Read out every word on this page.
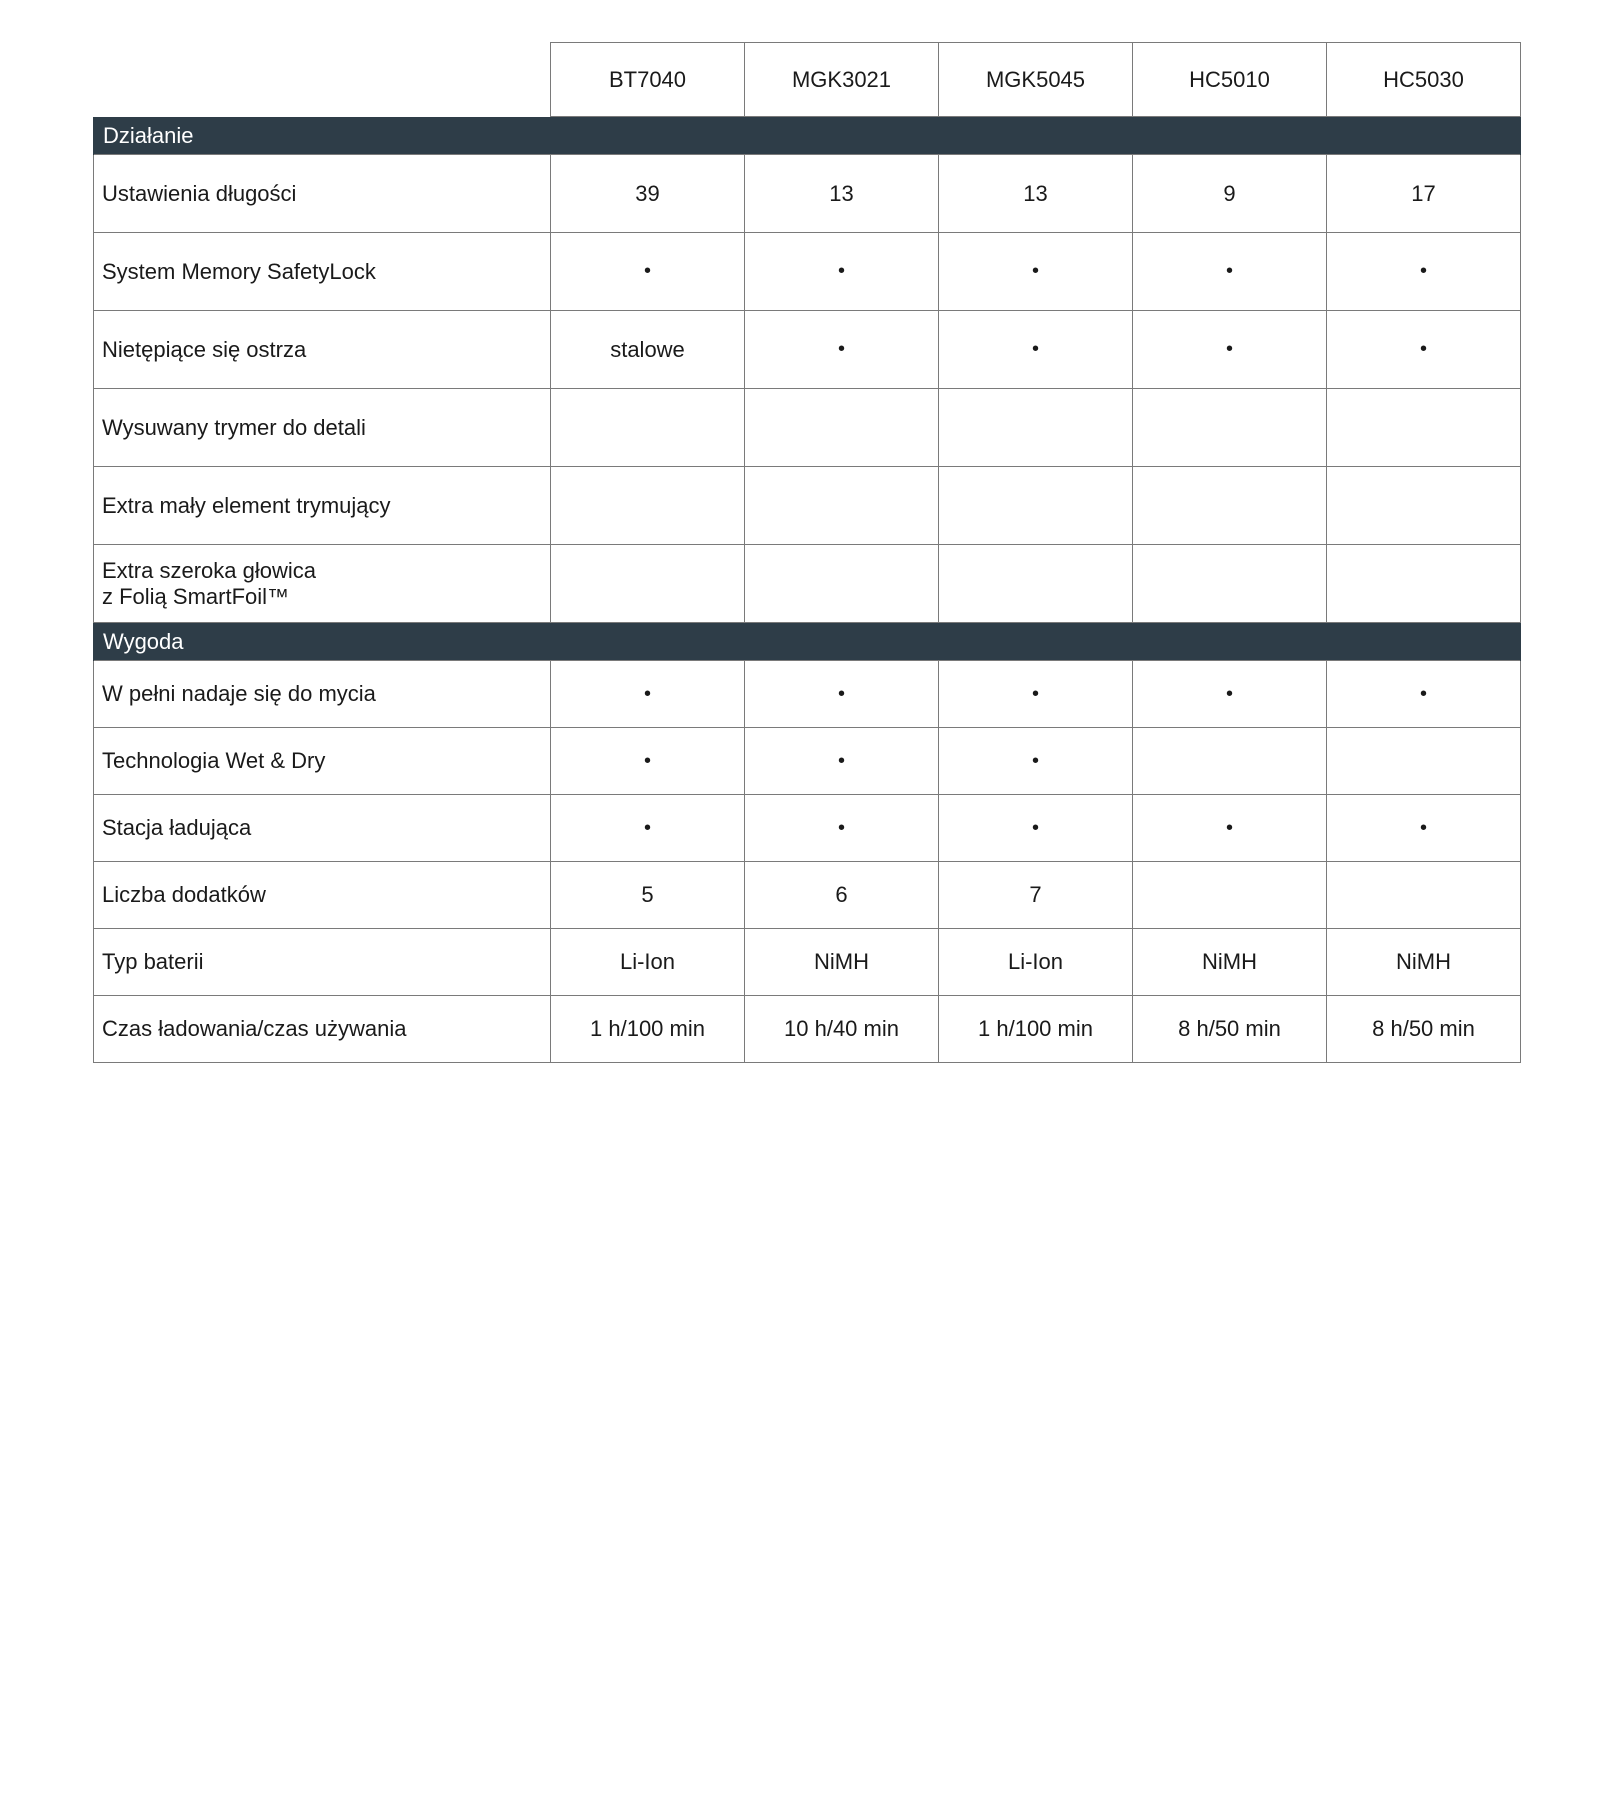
	BT7040	MGK3021	MGK5045	HC5010	HC5030
Działanie					

Ustawienia długości	39	13	13	9	17

System Memory SafetyLock	•	•	•	•	•

Nietępiące się ostrza	stalowe	•	•	•	•

Wysuwany trymer do detali					

Extra mały element trymujący					

Extra szeroka głowica
z Folią SmartFoil™					

Wygoda					

W pełni nadaje się do mycia	•	•	•	•	•

Technologia Wet & Dry	•	•	•		

Stacja ładująca	•	•	•	•	•

Liczba dodatków	5	6	7		

Typ baterii	Li-Ion	NiMH	Li-Ion	NiMH	NiMH

Czas ładowania/czas używania	1 h/100 min	10 h/40 min	1 h/100 min	8 h/50 min	8 h/50 min
